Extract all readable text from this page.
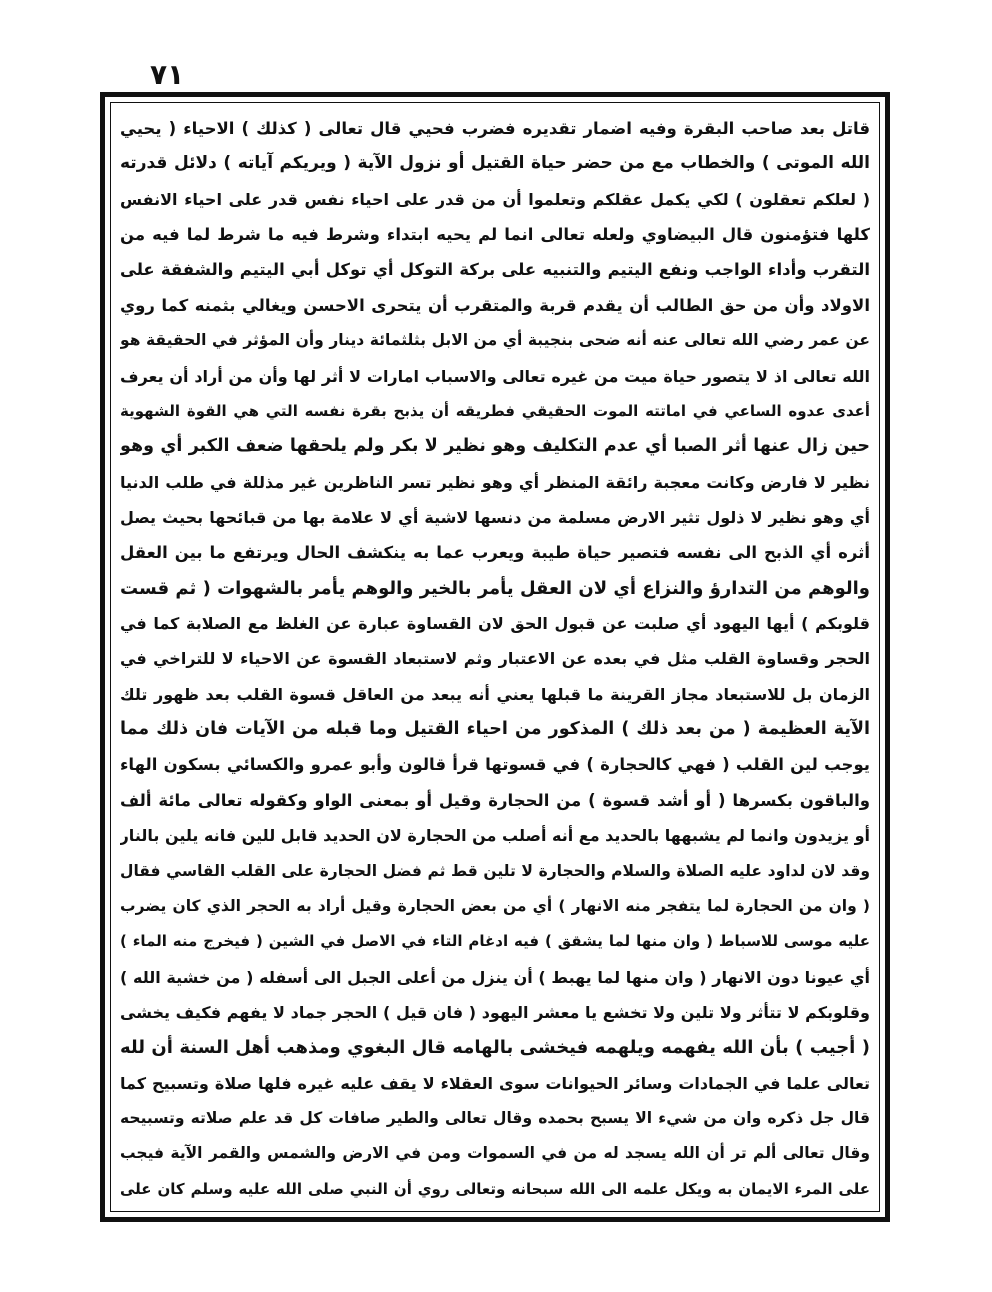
٧١
قاتل بعد صاحب البقرة وفيه اضمار تقديره فضرب فحيي قال تعالى ( كذلك ) الاحياء ( يحيي
الله الموتى ) والخطاب مع من حضر حياة القتيل أو نزول الآية ( ويريكم آياته ) دلائل قدرته
( لعلكم تعقلون ) لكي يكمل عقلكم وتعلموا أن من قدر على احياء نفس قدر على احياء الانفس
كلها فتؤمنون قال البيضاوي ولعله تعالى انما لم يحيه ابتداء وشرط فيه ما شرط لما فيه من
التقرب وأداء الواجب ونفع اليتيم والتنبيه على بركة التوكل أي توكل أبي اليتيم والشفقة على
الاولاد وأن من حق الطالب أن يقدم قربة والمتقرب أن يتحرى الاحسن ويغالي بثمنه كما روي
عن عمر رضي الله تعالى عنه أنه ضحى بنجيبة أي من الابل بثلثمائة دينار وأن المؤثر في الحقيقة هو
الله تعالى اذ لا يتصور حياة ميت من غيره تعالى والاسباب امارات لا أثر لها وأن من أراد أن يعرف
أعدى عدوه الساعي في اماتته الموت الحقيقي فطريقه أن يذبح بقرة نفسه التي هي القوة الشهوية
حين زال عنها أثر الصبا أي عدم التكليف وهو نظير لا بكر ولم يلحقها ضعف الكبر أي وهو
نظير لا فارض وكانت معجبة رائقة المنظر أي وهو نظير تسر الناظرين غير مذللة في طلب الدنيا
أي وهو نظير لا ذلول تثير الارض مسلمة من دنسها لاشية أي لا علامة بها من قبائحها بحيث يصل
أثره أي الذبح الى نفسه فتصير حياة طيبة ويعرب عما به ينكشف الحال ويرتفع ما بين العقل
والوهم من التدارؤ والنزاع أي لان العقل يأمر بالخير والوهم يأمر بالشهوات ( ثم قست
قلوبكم ) أيها اليهود أي صلبت عن قبول الحق لان القساوة عبارة عن الغلظ مع الصلابة كما في
الحجر وقساوة القلب مثل في بعده عن الاعتبار وثم لاستبعاد القسوة عن الاحياء لا للتراخي في
الزمان بل للاستبعاد مجاز القرينة ما قبلها يعني أنه يبعد من العاقل قسوة القلب بعد ظهور تلك
الآية العظيمة ( من بعد ذلك ) المذكور من احياء القتيل وما قبله من الآيات فان ذلك مما
يوجب لين القلب ( فهي كالحجارة ) في قسوتها قرأ قالون وأبو عمرو والكسائي بسكون الهاء
والباقون بكسرها ( أو أشد قسوة ) من الحجارة وقيل أو بمعنى الواو وكقوله تعالى مائة ألف
أو يزيدون وانما لم يشبهها بالحديد مع أنه أصلب من الحجارة لان الحديد قابل للين فانه يلين بالنار
وقد لان لداود عليه الصلاة والسلام والحجارة لا تلين قط ثم فضل الحجارة على القلب القاسي فقال
( وان من الحجارة لما يتفجر منه الانهار ) أي من بعض الحجارة وقيل أراد به الحجر الذي كان يضرب
عليه موسى للاسباط ( وان منها لما يشقق ) فيه ادغام التاء في الاصل في الشين ( فيخرج منه الماء )
أي عيونا دون الانهار ( وان منها لما يهبط ) أن ينزل من أعلى الجبل الى أسفله ( من خشية الله )
وقلوبكم لا تتأثر ولا تلين ولا تخشع يا معشر اليهود ( فان قيل ) الحجر جماد لا يفهم فكيف يخشى
( أجيب ) بأن الله يفهمه ويلهمه فيخشى بالهامه قال البغوي ومذهب أهل السنة أن لله
تعالى علما في الجمادات وسائر الحيوانات سوى العقلاء لا يقف عليه غيره فلها صلاة وتسبيح كما
قال جل ذكره وان من شيء الا يسبح بحمده وقال تعالى والطير صافات كل قد علم صلاته وتسبيحه
وقال تعالى ألم تر أن الله يسجد له من في السموات ومن في الارض والشمس والقمر الآية فيجب
على المرء الايمان به ويكل علمه الى الله سبحانه وتعالى روي أن النبي صلى الله عليه وسلم كان على
